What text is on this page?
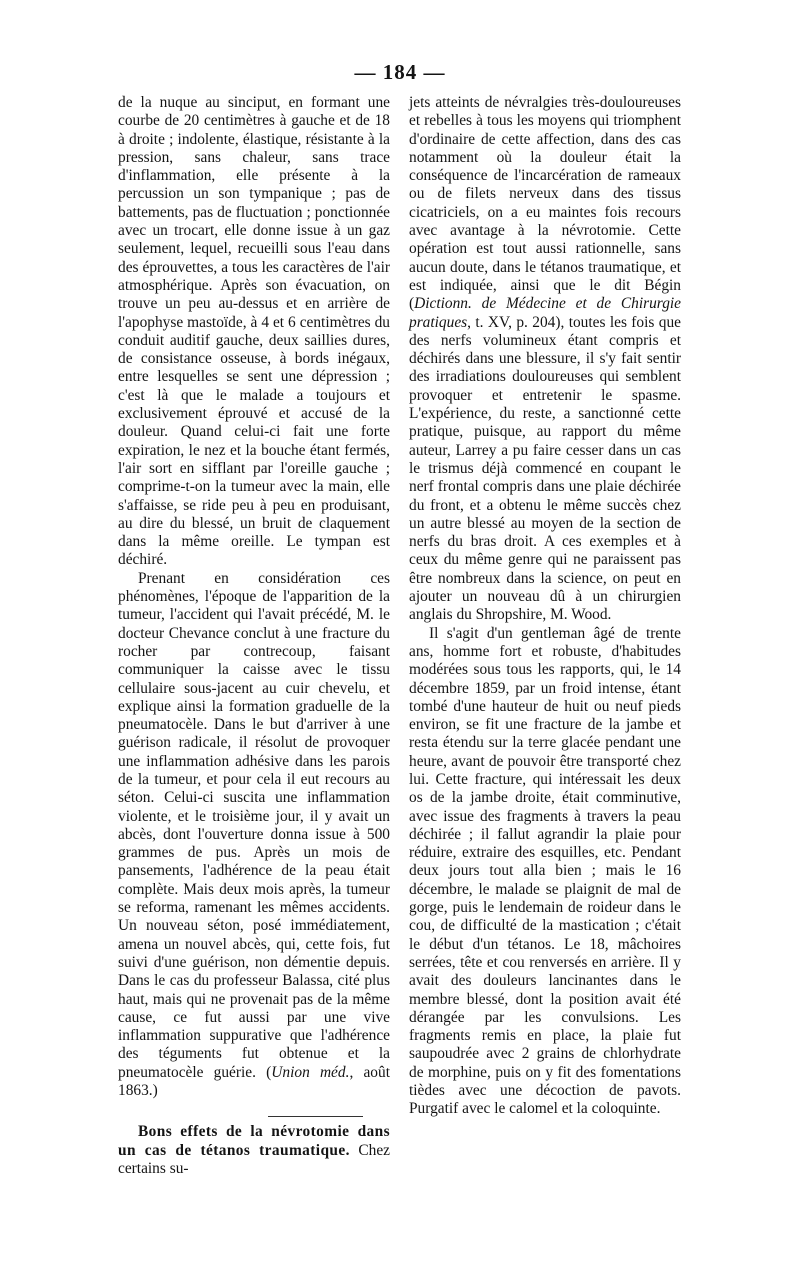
— 184 —

de la nuque au sinciput, en formant une courbe de 20 centimètres à gauche et de 18 à droite ; indolente, élastique, résistante à la pression, sans chaleur, sans trace d'inflammation, elle présente à la percussion un son tympanique ; pas de battements, pas de fluctuation ; ponctionnée avec un trocart, elle donne issue à un gaz seulement, lequel, recueilli sous l'eau dans des éprouvettes, a tous les caractères de l'air atmosphérique. Après son évacuation, on trouve un peu au-dessus et en arrière de l'apophyse mastoïde, à 4 et 6 centimètres du conduit auditif gauche, deux saillies dures, de consistance osseuse, à bords inégaux, entre lesquelles se sent une dépression ; c'est là que le malade a toujours et exclusivement éprouvé et accusé de la douleur. Quand celui-ci fait une forte expiration, le nez et la bouche étant fermés, l'air sort en sifflant par l'oreille gauche ; comprime-t-on la tumeur avec la main, elle s'affaisse, se ride peu à peu en produisant, au dire du blessé, un bruit de claquement dans la même oreille. Le tympan est déchiré.

Prenant en considération ces phénomènes, l'époque de l'apparition de la tumeur, l'accident qui l'avait précédé, M. le docteur Chevance conclut à une fracture du rocher par contrecoup, faisant communiquer la caisse avec le tissu cellulaire sous-jacent au cuir chevelu, et explique ainsi la formation graduelle de la pneumatocèle. Dans le but d'arriver à une guérison radicale, il résolut de provoquer une inflammation adhésive dans les parois de la tumeur, et pour cela il eut recours au séton. Celui-ci suscita une inflammation violente, et le troisième jour, il y avait un abcès, dont l'ouverture donna issue à 500 grammes de pus. Après un mois de pansements, l'adhérence de la peau était complète. Mais deux mois après, la tumeur se reforma, ramenant les mêmes accidents. Un nouveau séton, posé immédiatement, amena un nouvel abcès, qui, cette fois, fut suivi d'une guérison, non démentie depuis. Dans le cas du professeur Balassa, cité plus haut, mais qui ne provenait pas de la même cause, ce fut aussi par une vive inflammation suppurative que l'adhérence des téguments fut obtenue et la pneumatocèle guérie. (Union méd., août 1863.)

Bons effets de la névrotomie dans un cas de tétanos traumatique. Chez certains su-

jets atteints de névralgies très-douloureuses et rebelles à tous les moyens qui triomphent d'ordinaire de cette affection, dans des cas notamment où la douleur était la conséquence de l'incarcération de rameaux ou de filets nerveux dans des tissus cicatriciels, on a eu maintes fois recours avec avantage à la névrotomie. Cette opération est tout aussi rationnelle, sans aucun doute, dans le tétanos traumatique, et est indiquée, ainsi que le dit Bégin (Dictionn. de Médecine et de Chirurgie pratiques, t. XV, p. 204), toutes les fois que des nerfs volumineux étant compris et déchirés dans une blessure, il s'y fait sentir des irradiations douloureuses qui semblent provoquer et entretenir le spasme. L'expérience, du reste, a sanctionné cette pratique, puisque, au rapport du même auteur, Larrey a pu faire cesser dans un cas le trismus déjà commencé en coupant le nerf frontal compris dans une plaie déchirée du front, et a obtenu le même succès chez un autre blessé au moyen de la section de nerfs du bras droit. A ces exemples et à ceux du même genre qui ne paraissent pas être nombreux dans la science, on peut en ajouter un nouveau dû à un chirurgien anglais du Shropshire, M. Wood.

Il s'agit d'un gentleman âgé de trente ans, homme fort et robuste, d'habitudes modérées sous tous les rapports, qui, le 14 décembre 1859, par un froid intense, étant tombé d'une hauteur de huit ou neuf pieds environ, se fit une fracture de la jambe et resta étendu sur la terre glacée pendant une heure, avant de pouvoir être transporté chez lui. Cette fracture, qui intéressait les deux os de la jambe droite, était comminutive, avec issue des fragments à travers la peau déchirée ; il fallut agrandir la plaie pour réduire, extraire des esquilles, etc. Pendant deux jours tout alla bien ; mais le 16 décembre, le malade se plaignit de mal de gorge, puis le lendemain de roideur dans le cou, de difficulté de la mastication ; c'était le début d'un tétanos. Le 18, mâchoires serrées, tête et cou renversés en arrière. Il y avait des douleurs lancinantes dans le membre blessé, dont la position avait été dérangée par les convulsions. Les fragments remis en place, la plaie fut saupoudrée avec 2 grains de chlorhydrate de morphine, puis on y fit des fomentations tièdes avec une décoction de pavots. Purgatif avec le calomel et la coloquinte.
